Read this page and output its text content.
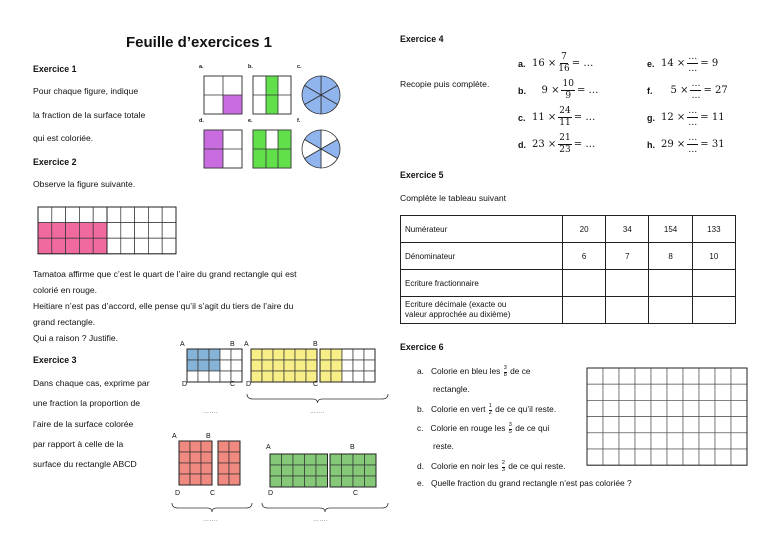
Feuille d’exercices 1
Exercice 1
Pour chaque figure, indique
la fraction de la surface totale
qui est coloriée.
a.	b.	c.
d.	e.	f.
Exercice 2
Observe la figure suivante.
Tamatoa affirme que c’est le quart de l’aire du grand rectangle qui est
colorié en rouge.
Heitiare n’est pas d’accord, elle pense qu’il s’agit du tiers de l’aire du
grand rectangle.
Qui a raison ? Justifie.
Exercice 3
Dans chaque cas, exprime par
une fraction la proportion de
l’aire de la surface colorée
par rapport à celle de la
surface du rectangle ABCD
A	B
D	C
A	B
D	C
A	B
D	C
A	B
D	C
…….	…….
…….	…….
Exercice 4
Recopie puis complète.
a. 16 ×
7
16 = …
b.
	9 ×
10
9 = …
c. 11 ×
24
11 = …
d. 23 ×
21
23 = …
e. 14 ×
…
… = 9
f.
	5 ×
…
… = 27
g. 12 ×
…
… = 11
h. 29 ×
…
… = 31
Exercice 5
Complète le tableau suivant
Numérateur	20	34	154	133
Dénominateur	6	7	8	10
Ecriture fractionnaire				

Ecriture décimale (exacte ou
valeur approchée au dixième)				

Exercice 6
a. Colorie en bleu les $\frac{3}{8}$ de ce
rectangle.
b. Colorie en vert $\frac{1}{2}$ de ce qu’il reste.
c. Colorie en rouge les $\frac{3}{5}$ de ce qui
reste.
d. Colorie en noir les $\frac{2}{3}$ de ce qui reste.
e. Quelle fraction du grand rectangle n’est pas coloriée ?
